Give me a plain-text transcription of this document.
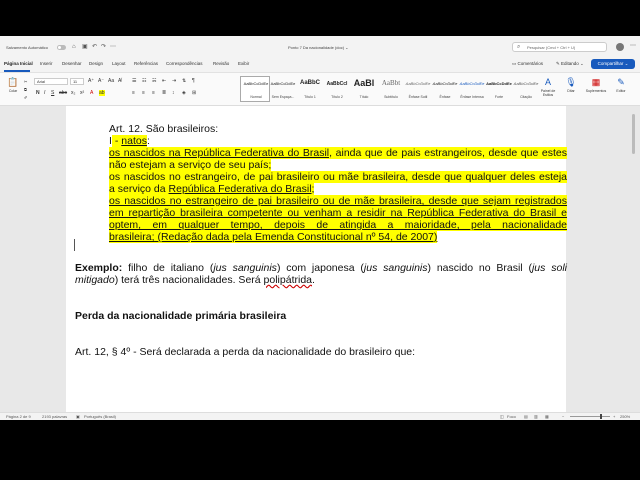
Salvamento Automático	⌂ ▣ ↶ ↷ ⋯	Ponto 7 Da nacionalidade (doc) ⌄	⌕ Pesquisar (Cmd + Ctrl + U)	⋯
Página Inicial Inserir Desenhar Design Layout Referências Correspondências Revisão Exibir	▭ Comentários	✎ Editando ⌄	Compartilhar ⌄
📋
Colar
✂
⧉
✐
Arial	11	A⁺ A⁻ Aa A̸
N I S abc x₂ x² A ab
☰ ☷ ☵ ⇤ ⇥ ⇅ ¶
≡ ≡ ≡ ≣ ↕ ◈ ⊞
AaBbCcDdEe
Normal
AaBbCcDdEe
Sem Espaça...
AaBbC
Título 1
AaBbCcI
Título 2
AaBl
Título
AaBbt
Subtítulo
AaBbCcDdEe
Ênfase Sutil
AaBbCcDdEe
Ênfase
AaBbCcDdEe
Ênfase Intensa
AaBbCcDdEe
Forte
AaBbCcDdEe
Citação
A
Painel de Estilos
🎙
Ditar
▦
Suplementos
✎
Editor
Art. 12. São brasileiros:
I - natos:
os nascidos na República Federativa do Brasil, ainda que de pais estrangeiros, desde que estes
não estejam a serviço de seu país;
os nascidos no estrangeiro, de pai brasileiro ou mãe brasileira, desde que qualquer deles esteja
a serviço da República Federativa do Brasil;
os nascidos no estrangeiro de pai brasileiro ou de mãe brasileira, desde que sejam registrados
em repartição brasileira competente ou venham a residir na República Federativa do Brasil e
optem, em qualquer tempo, depois de atingida a maioridade, pela nacionalidade
brasileira; (Redação dada pela Emenda Constitucional nº 54, de 2007)
Exemplo: filho de italiano (jus sanguinis) com japonesa (jus sanguinis) nascido no Brasil (jus soli
mitigado) terá três nacionalidades. Será polipátrida.
Perda da nacionalidade primária brasileira
Art. 12, § 4º - Será declarada a perda da nacionalidade do brasileiro que:
Página 2 de 9	2193 palavras ▣ Português (Brasil)	◫ Foco ▤ ▥ ▦	−	+ 250%
